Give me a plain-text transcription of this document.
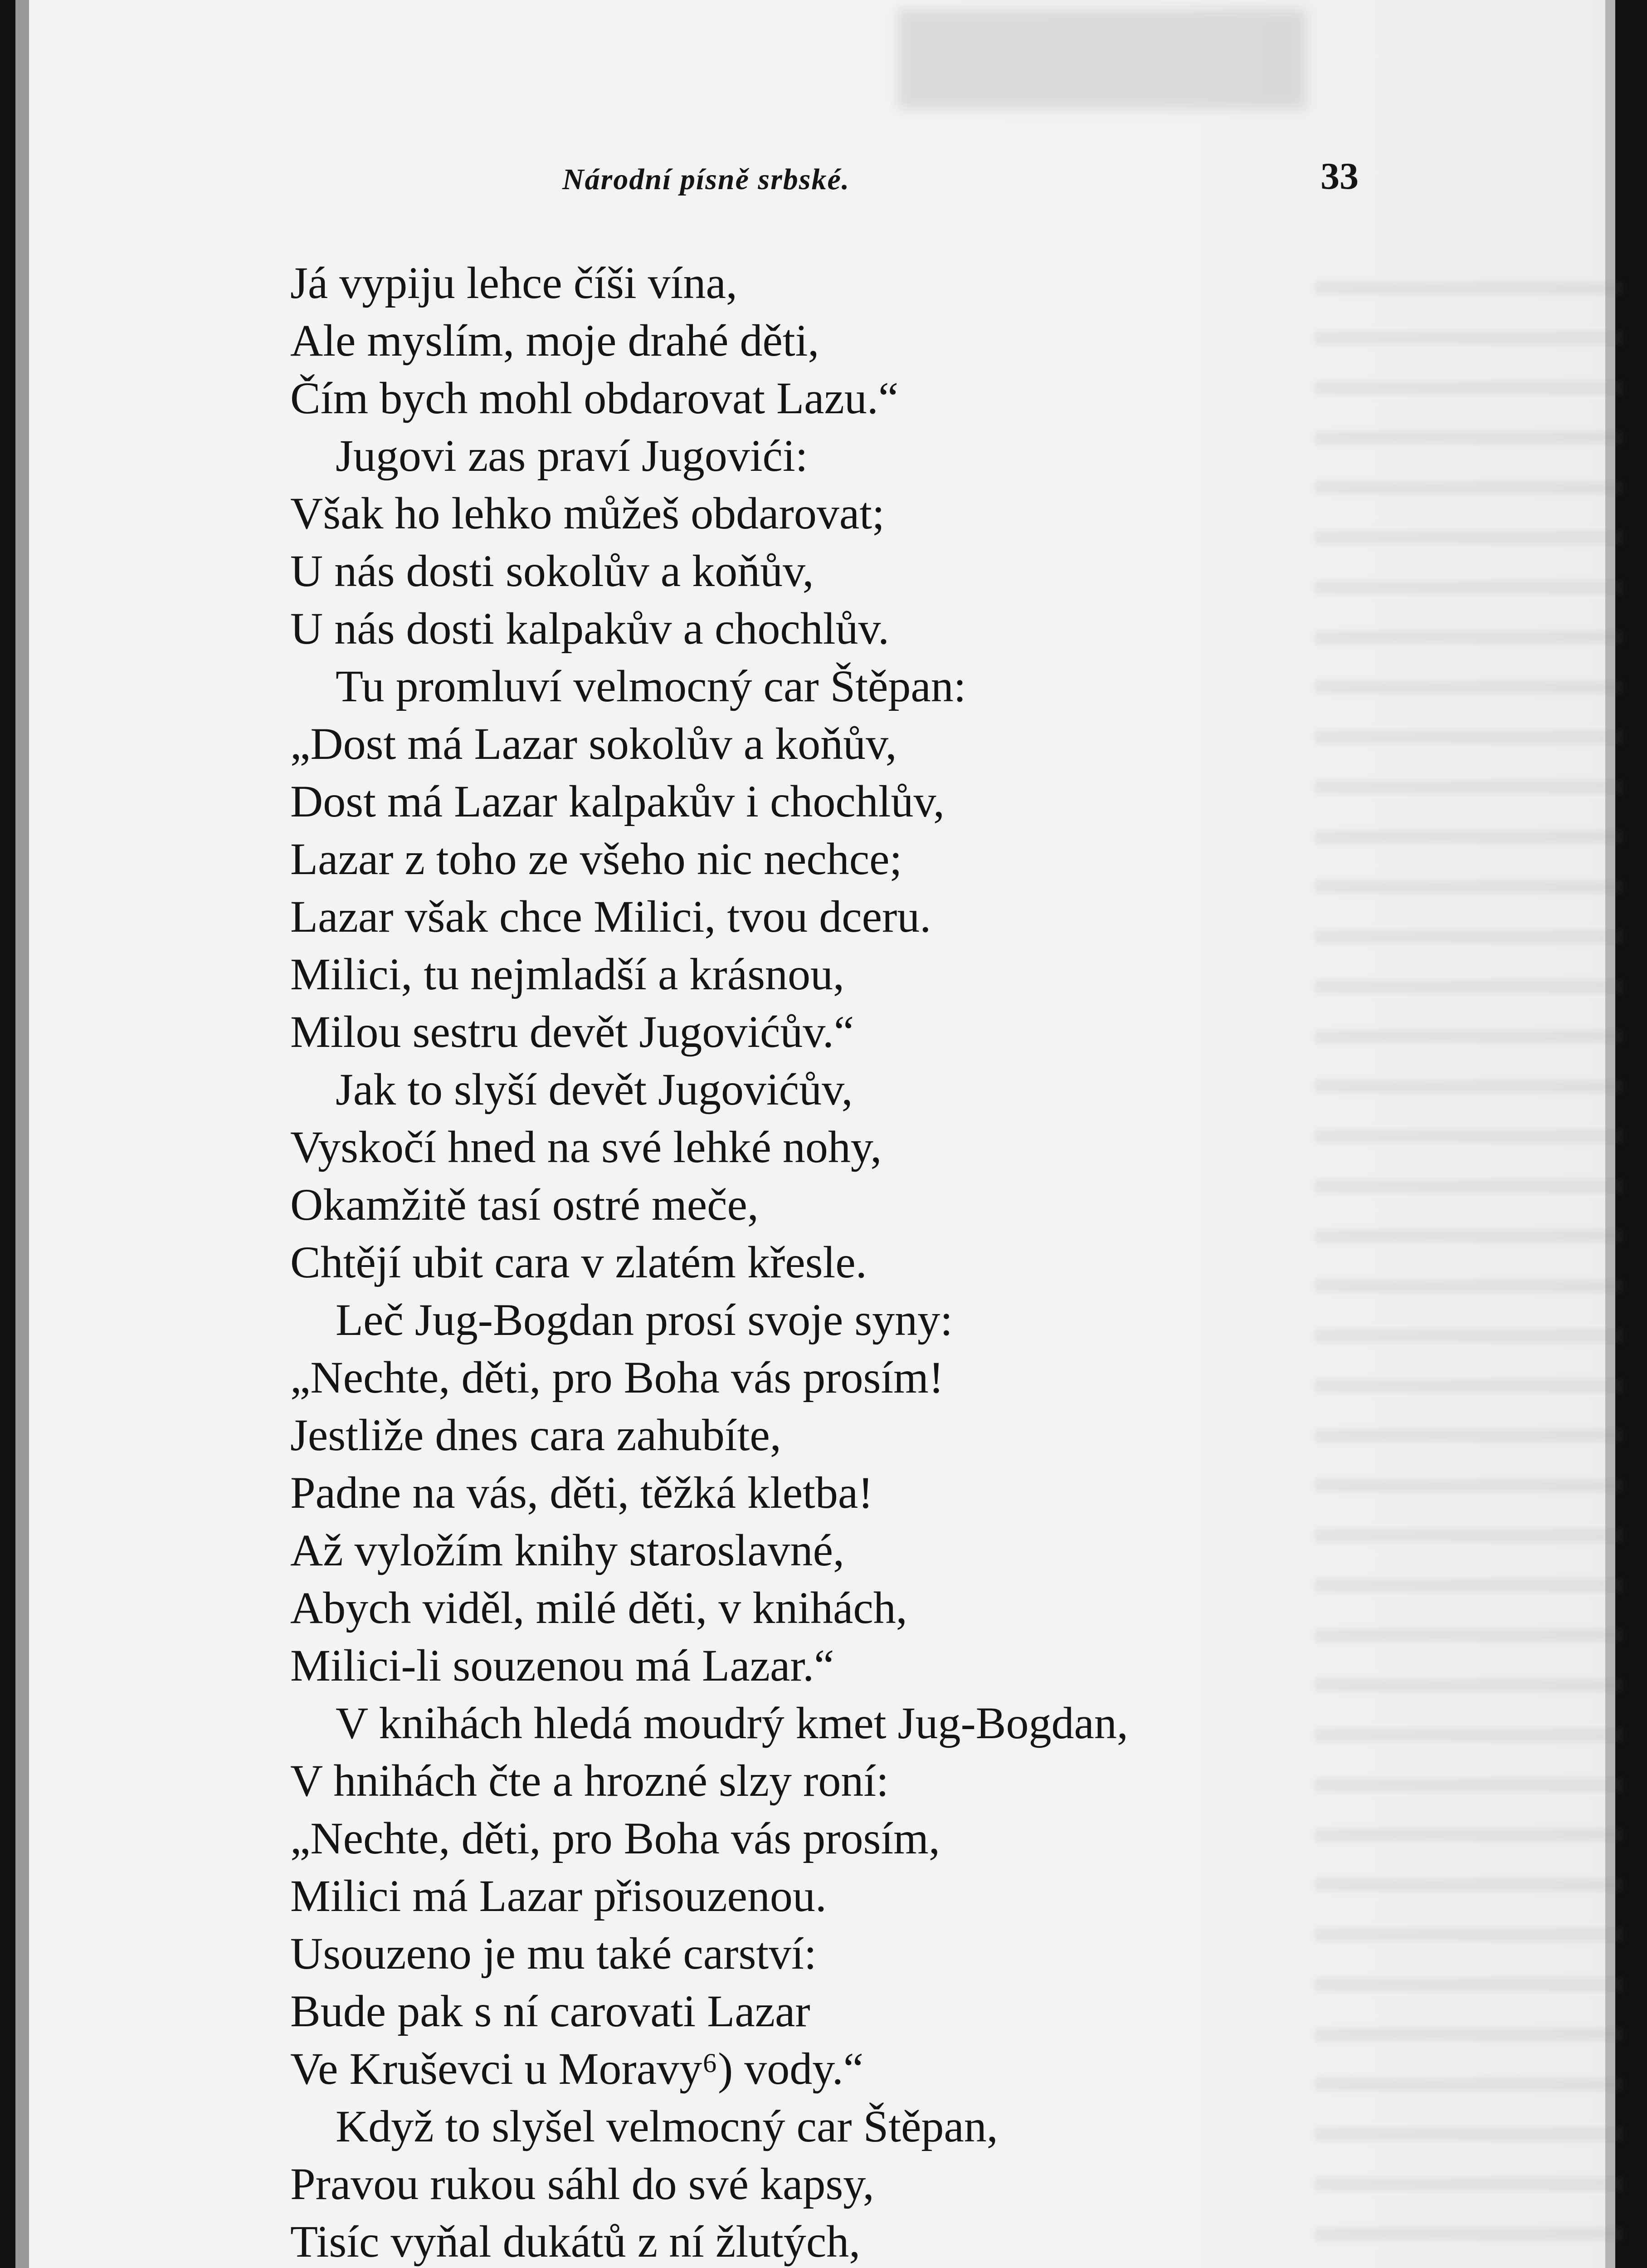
Národní písně srbské.	33
Já vypiju lehce číši vína,
Ale myslím, moje drahé děti,
Čím bych mohl obdarovat Lazu.“
Jugovi zas praví Jugovići:
Však ho lehko můžeš obdarovat;
U nás dosti sokolův a koňův,
U nás dosti kalpakův a chochlův.
Tu promluví velmocný car Štěpan:
„Dost má Lazar sokolův a koňův,
Dost má Lazar kalpakův i chochlův,
Lazar z toho ze všeho nic nechce;
Lazar však chce Milici, tvou dceru.
Milici, tu nejmladší a krásnou,
Milou sestru devět Jugovićův.“
Jak to slyší devět Jugovićův,
Vyskočí hned na své lehké nohy,
Okamžitě tasí ostré meče,
Chtějí ubit cara v zlatém křesle.
Leč Jug-Bogdan prosí svoje syny:
„Nechte, děti, pro Boha vás prosím!
Jestliže dnes cara zahubíte,
Padne na vás, děti, těžká kletba!
Až vyložím knihy staroslavné,
Abych viděl, milé děti, v knihách,
Milici-li souzenou má Lazar.“
V knihách hledá moudrý kmet Jug-Bogdan,
V hnihách čte a hrozné slzy roní:
„Nechte, děti, pro Boha vás prosím,
Milici má Lazar přisouzenou.
Usouzeno je mu také carství:
Bude pak s ní carovati Lazar
Ve Kruševci u Moravy⁶) vody.“
Když to slyšel velmocný car Štěpan,
Pravou rukou sáhl do své kapsy,
Tisíc vyňal dukátů z ní žlutých,
